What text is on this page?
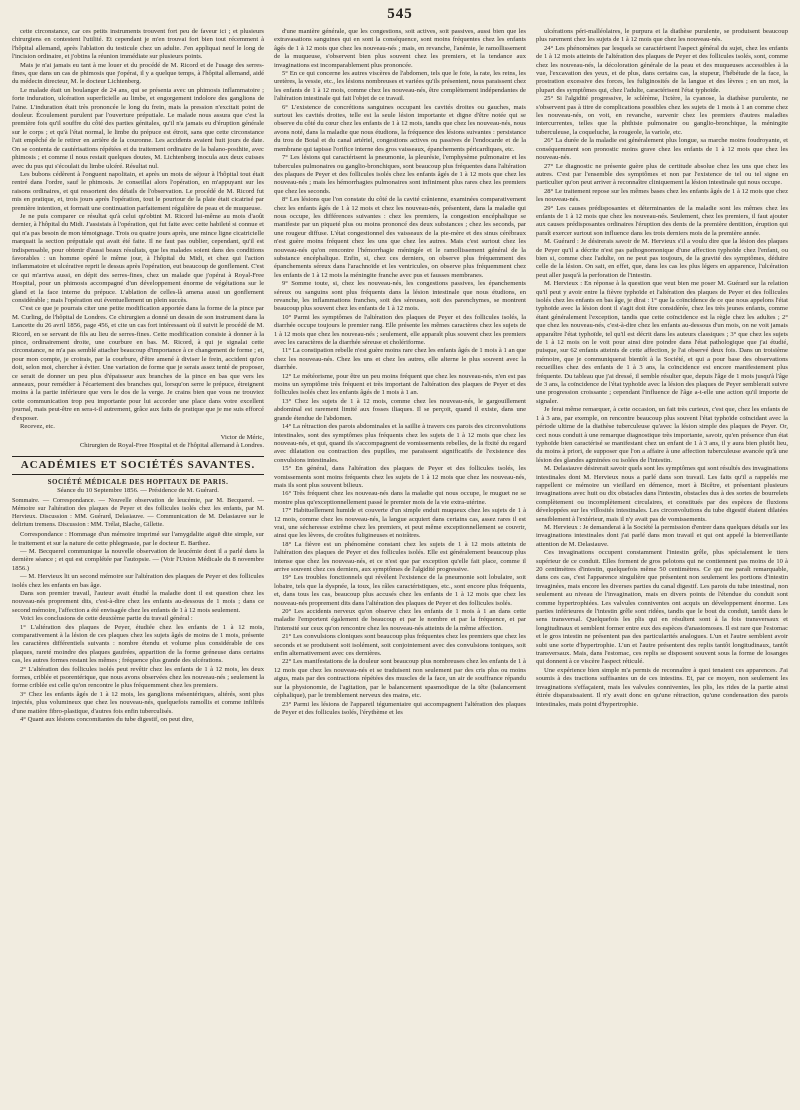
545

cette circonstance, car ces petits instruments trouvent fort peu de faveur ici ; et plusieurs chirurgiens en contestent l'utilité. Et cependant je m'en trouvai fort bien tout récemment à l'hôpital allemand, après l'ablation du testicule chez un adulte. J'en appliquai neuf le long de l'incision ordinaire, et j'obtins la réunion immédiate sur plusieurs points.

Mais je n'ai jamais eu tant à me louer et du procédé de M. Ricord et de l'usage des serres-fines, que dans un cas de phimosis que j'opérai, il y a quelque temps, à l'hôpital allemand, aidé du médecin directeur, M. le docteur Lichtenberg.

Le malade était un boulanger de 24 ans, qui se présenta avec un phimosis inflammatoire ; forte induration, ulcération superficielle au limbe, et engorgement indolore des ganglions de l'aine. L'induration était très prononcée le long du frein, mais la pression n'excitait point de douleur. Écoulement purulent par l'ouverture préputiale. Le malade nous assura que c'est la première fois qu'il souffre du côté des parties génitales, qu'il n'a jamais eu d'éruption générale sur le corps ; et qu'à l'état normal, le limbe du prépuce est étroit, sans que cette circonstance l'ait empêché de le retirer en arrière de la couronne. Les accidents avaient huit jours de date. On se contenta de cautérisations répétées et du traitement ordinaire de la balano-posthite, avec phimosis ; et comme il nous restait quelques doutes, M. Lichtenberg inocula aux deux cuisses avec du pus qui s'écoulait du limbe ulcéré. Résultat nul.

Les bubons cédèrent à l'onguent napolitain, et après un mois de séjour à l'hôpital tout était rentré dans l'ordre, sauf le phimosis. Je conseillai alors l'opération, en m'appuyant sur les raisons ordinaires, et qui ressortent des détails de l'observation. Le procédé de M. Ricord fut mis en pratique, et, trois jours après l'opération, tout le pourtour de la plaie était cicatrisé par première intention, et formait une continuation parfaitement régulière de peau et de muqueuse.

Je ne puis comparer ce résultat qu'à celui qu'obtint M. Ricord lui-même au mois d'août dernier, à l'hôpital du Midi. J'assistais à l'opération, qui fut faite avec cette habileté si connue et qui n'a pas besoin de mon témoignage. Trois ou quatre jours après, une mince ligne cicatricielle marquait la section préputiale qui avait été faite. Il ne faut pas oublier, cependant, qu'il est indispensable, pour obtenir d'aussi beaux résultats, que les malades soient dans des conditions favorables : un homme opéré le même jour, à l'hôpital du Midi, et chez qui l'action inflammatoire et ulcérative reprit le dessus après l'opération, eut beaucoup de gonflement. C'est ce qui m'arriva aussi, en dépit des serres-fines, chez un malade que j'opérai à Royal-Free Hospital, pour un phimosis accompagné d'un développement énorme de végétations sur le gland et la face interne du prépuce. L'ablation de celles-là amena aussi un gonflement considérable ; mais l'opération eut éventuellement un plein succès.

C'est ce que je pourrais citer une petite modification apportée dans la forme de la pince par M. Curling, de l'hôpital de Londres. Ce chirurgien a donné un dessin de son instrument dans la Lancette du 26 avril 1856, page 456, et cite un cas fort intéressant où il suivit le procédé de M. Ricord, en se servant de fils au lieu de serres-fines. Cette modification consiste à donner à la pince, ordinairement droite, une courbure en bas. M. Ricord, à qui je signalai cette circonstance, ne m'a pas semblé attacher beaucoup d'importance à ce changement de forme ; et, pour mon compte, je croirais, par la courbure, d'être amené à diviser le frein, accident qu'on doit, selon moi, chercher à éviter. Une variation de forme que je serais assez tenté de proposer, ce serait de donner un peu plus d'épaisseur aux branches de la pince en bas que vers les anneaux, pour remédier à l'écartement des branches qui, lorsqu'on serre le prépuce, étreignent moins à la partie inférieure que vers le dos de la verge. Je crains bien que vous ne trouviez cette communication trop peu importante pour lui accorder une place dans votre excellent journal, mais peut-être en sera-t-il autrement, grâce aux faits de pratique que je me suis efforcé d'exposer.

Recevez, etc.

Victor de Méric,
Chirurgien de Royal-Free Hospital et de l'hôpital allemand à Londres.
ACADÉMIES ET SOCIÉTÉS SAVANTES.
SOCIÉTÉ MÉDICALE DES HOPITAUX DE PARIS.
Séance du 10 Septembre 1856. — Présidence de M. Guérard.
Sommaire. — Correspondance. — Nouvelle observation de leucémie, par M. Becquerel. — Mémoire sur l'altération des plaques de Peyer et des follicules isolés chez les enfants, par M. Hervieux. Discussion : MM. Guérard, Delasiauve. — Communication de M. Delasiauve sur le delirium tremens. Discussion : MM. Trélat, Blache, Gillette.

Correspondance : Hommage d'un mémoire imprimé sur l'amygdalite aiguë dite simple, sur le traitement et sur la nature de cette phlegmasie, par le docteur E. Barthez.

— M. Becquerel communique la nouvelle observation de leucémie dont il a parlé dans la dernière séance ; et qui est complétée par l'autopsie. — (Voir l'Union Médicale du 8 novembre 1856.)

— M. Hervieux lit un second mémoire sur l'altération des plaques de Peyer et des follicules isolés chez les enfants en bas âge.

Dans son premier travail, l'auteur avait étudié la maladie dont il est question chez les nouveau-nés proprement dits, c'est-à-dire chez les enfants au-dessous de 1 mois ; dans ce second mémoire, l'affection a été envisagée chez les enfants de 1 à 12 mois seulement.

Voici les conclusions de cette deuxième partie du travail général :

1° L'altération des plaques de Peyer, étudiée chez les enfants de 1 à 12 mois, comparativement à la lésion de ces plaques chez les sujets âgés de moins de 1 mois, présente les caractères différentiels suivants : nombre étendu et volume plus considérable de ces plaques, rareté moindre des plaques gaufrées, apparition de la forme gréneuse dans certains cas, les autres formes restant les mêmes ; fréquence plus grande des ulcérations.

2° L'altération des follicules isolés peut revêtir chez les enfants de 1 à 12 mois, les deux formes, criblée et psorentérique, que nous avons observées chez les nouveau-nés ; seulement la forme criblée est celle qu'on rencontre le plus fréquemment chez les premiers.

3° Chez les enfants âgés de 1 à 12 mois, les ganglions mésentériques, altérés, sont plus injectés, plus volumineux que chez les nouveau-nés, quelquefois ramollis et comme infiltrés d'une matière fibro-plastique, d'autres fois enfin tuberculisés.

4° Quant aux lésions concomitantes du tube digestif, on peut dire,

d'une manière générale, que les congestions, soit actives, soit passives, aussi bien que les extravasations sanguines qui en sont la conséquence, sont moins fréquentes chez les enfants âgés de 1 à 12 mois que chez les nouveau-nés ; mais, en revanche, l'anémie, le ramollissement de la muqueuse, s'observent bien plus souvent chez les premiers, et la tendance aux invaginations est incomparablement plus prononcée.

5° En ce qui concerne les autres viscères de l'abdomen, tels que le foie, la rate, les reins, les uretères, la vessie, etc., les lésions nombreuses et variées qu'ils présentent, nous paraissent chez les enfants de 1 à 12 mois, comme chez les nouveau-nés, être complètement indépendantes de l'altération intestinale qui fait l'objet de ce travail.

6° L'existence de concrétions sanguines occupant les cavités droites ou gauches, mais surtout les cavités droites, telle est la seule lésion importante et digne d'être notée qui se observe du côté du cœur chez les enfants de 1 à 12 mois, tandis que chez les nouveau-nés, nous avons noté, dans la maladie que nous étudions, la fréquence des lésions suivantes : persistance du trou de Botal et du canal artériel, congestions actives ou passives de l'endocarde et de la membrane qui tapisse l'orifice interne des gros vaisseaux, épanchements péricardiques, etc.

7° Les lésions qui caractérisent la pneumonie, la pleurésie, l'emphysème pulmonaire et les tubercules pulmonaires ou ganglio-bronchiques, sont beaucoup plus fréquentes dans l'altération des plaques de Peyer et des follicules isolés chez les enfants âgés de 1 à 12 mois que chez les nouveau-nés ; mais les hémorrhagies pulmonaires sont infiniment plus rares chez les premiers que chez les seconds.

8° Les lésions que l'on constate du côté de la cavité crânienne, examinées comparativement chez les enfants âgés de 1 à 12 mois et chez les nouveau-nés, présentent, dans la maladie qui nous occupe, les différences suivantes : chez les premiers, la congestion encéphalique se manifeste par un piqueté plus ou moins prononcé des deux substances ; chez les seconds, par une rougeur diffuse. L'état congestionnel des vaisseaux de la pie-mère et des sinus cérébraux n'est guère moins fréquent chez les uns que chez les autres. Mais c'est surtout chez les nouveau-nés qu'on rencontre l'hémorrhagie méningée et le ramollissement général de la substance encéphalique. Enfin, si, chez ces derniers, on observe plus fréquemment des épanchements séreux dans l'arachnoïde et les ventricules, on observe plus fréquemment chez les enfants de 1 à 12 mois la méningite franche avec pus et fausses membranes.

9° Somme toute, si, chez les nouveau-nés, les congestions passives, les épanchements séreux ou sanguins sont plus fréquents dans la lésion intestinale que nous étudions, en revanche, les inflammations franches, soit des séreuses, soit des parenchymes, se montrent beaucoup plus souvent chez les enfants de 1 à 12 mois.

10° Parmi les symptômes de l'altération des plaques de Peyer et des follicules isolés, la diarrhée occupe toujours le premier rang. Elle présente les mêmes caractères chez les sujets de 1 à 12 mois que chez les nouveau-nés ; seulement, elle apparaît plus souvent chez les premiers avec les caractères de la diarrhée séreuse et cholériforme.

11° La constipation rebelle n'est guère moins rare chez les enfants âgés de 1 mois à 1 an que chez les nouveau-nés. Chez les uns et chez les autres, elle alterne le plus souvent avec la diarrhée.

12° Le météorisme, pour être un peu moins fréquent que chez les nouveau-nés, n'en est pas moins un symptôme très fréquent et très important de l'altération des plaques de Peyer et des follicules isolés chez les enfants âgés de 1 mois à 1 an.

13° Chez les sujets de 1 à 12 mois, comme chez les nouveau-nés, le gargouillement abdominal est rarement limité aux fosses iliaques. Il se perçoit, quand il existe, dans une grande étendue de l'abdomen.

14° La rétraction des parois abdominales et la saillie à travers ces parois des circonvolutions intestinales, sont des symptômes plus fréquents chez les sujets de 1 à 12 mois que chez les nouveau-nés, et qui, quand ils s'accompagnent de vomissements rebelles, de la fixité du regard avec dilatation ou contraction des pupilles, me paraissent significatifs de l'existence des convulsions intestinales.

15° En général, dans l'altération des plaques de Peyer et des follicules isolés, les vomissements sont moins fréquents chez les sujets de 1 à 12 mois que chez les nouveau-nés, mais ils sont plus souvent bilieux.

16° Très fréquent chez les nouveau-nés dans la maladie qui nous occupe, le muguet ne se montre plus qu'exceptionnellement passé le premier mois de la vie extra-utérine.

17° Habituellement humide et couverte d'un simple enduit muqueux chez les sujets de 1 à 12 mois, comme chez les nouveau-nés, la langue acquiert dans certains cas, assez rares il est vrai, une sécheresse extrême chez les premiers, et peut même exceptionnellement se couvrir, ainsi que les lèvres, de croûtes fuligineuses et noirâtres.

18° La fièvre est un phénomène constant chez les sujets de 1 à 12 mois atteints de l'altération des plaques de Peyer et des follicules isolés. Elle est généralement beaucoup plus intense que chez les nouveau-nés, et ce n'est que par exception qu'elle fait place, comme il arrive souvent chez ces derniers, aux symptômes de l'algidité progressive.

19° Les troubles fonctionnels qui révèlent l'existence de la pneumonie soit lobulaire, soit lobaire, tels que la dyspnée, la toux, les râles caractéristiques, etc., sont encore plus fréquents, et, dans tous les cas, beaucoup plus accusés chez les enfants de 1 à 12 mois que chez les nouveau-nés proprement dits dans l'altération des plaques de Peyer et des follicules isolés.

20° Les accidents nerveux qu'on observe chez les enfants de 1 mois à 1 an dans cette maladie l'emportent également de beaucoup et par le nombre et par la fréquence, et par l'intensité sur ceux qu'on rencontre chez les nouveau-nés atteints de la même affection.

21° Les convulsions cloniques sont beaucoup plus fréquentes chez les premiers que chez les seconds et se produisent soit isolément, soit conjointement avec des convulsions toniques, soit enfin alternativement avec ces dernières.

22° Les manifestations de la douleur sont beaucoup plus nombreuses chez les enfants de 1 à 12 mois que chez les nouveau-nés et se traduisent non seulement par des cris plus ou moins aigus, mais par des contractions répétées des muscles de la face, un air de souffrance répandu sur la physionomie, de l'agitation, par le balancement spasmodique de la tête (balancement céphalique), par le tremblement nerveux des mains, etc.

23° Parmi les lésions de l'appareil tégumentaire qui accompagnent l'altération des plaques de Peyer et des follicules isolés, l'érythème et les

ulcérations péri-malléolaires, le purpura et la diathèse purulente, se produisent beaucoup plus rarement chez les sujets de 1 à 12 mois que chez les nouveau-nés.

24° Les phénomènes par lesquels se caractérisent l'aspect général du sujet, chez les enfants de 1 à 12 mois atteints de l'altération des plaques de Peyer et des follicules isolés, sont, comme chez les nouveau-nés, la décoloration générale de la peau et des muqueuses accessibles à la vue, l'excavation des yeux, et de plus, dans certains cas, la stupeur, l'hébétude de la face, la prostration excessive des forces, les fuliginosités de la langue et des lèvres ; en un mot, la plupart des symptômes qui, chez l'adulte, caractérisent l'état typhoïde.

25° Si l'algidité progressive, le sclérème, l'ictère, la cyanose, la diathèse purulente, ne s'observent pas à titre de complications possibles chez les sujets de 1 mois à 1 an comme chez les nouveau-nés, on voit, en revanche, survenir chez les premiers d'autres maladies intercurrentes, telles que la phthisie pulmonaire ou ganglio-bronchique, la méningite tuberculeuse, la coqueluche, la rougeole, la variole, etc.

26° La durée de la maladie est généralement plus longue, sa marche moins foudroyante, et conséquemment son pronostic moins grave chez les enfants de 1 à 12 mois que chez les nouveau-nés.

27° Le diagnostic ne présente guère plus de certitude absolue chez les uns que chez les autres. C'est par l'ensemble des symptômes et non par l'existence de tel ou tel signe en particulier qu'on peut arriver à reconnaître cliniquement la lésion intestinale qui nous occupe.

28° Le traitement repose sur les mêmes bases chez les enfants âgés de 1 à 12 mois que chez les nouveau-nés.

29° Les causes prédisposantes et déterminantes de la maladie sont les mêmes chez les enfants de 1 à 12 mois que chez les nouveau-nés. Seulement, chez les premiers, il faut ajouter aux causes prédisposantes ordinaires l'éruption des dents de la première dentition, éruption qui paraît exercer surtout son influence dans les trois derniers mois de la première année.

M. Guérard : Je désirerais savoir de M. Hervieux s'il a voulu dire que la lésion des plaques de Peyer qu'il a décrite n'est pas pathognomonique d'une affection typhoïde chez l'enfant, ou bien si, comme chez l'adulte, on ne peut pas toujours, de la gravité des symptômes, déduire celle de la lésion. On sait, en effet, que, dans les cas les plus légers en apparence, l'ulcération peut aller jusqu'à la perforation de l'intestin.

M. Hervieux : En réponse à la question que veut bien me poser M. Guérard sur la relation qu'il peut y avoir entre la fièvre typhoïde et l'altération des plaques de Peyer et des follicules isolés chez les enfants en bas âge, je dirai : 1° que la coïncidence de ce que nous appelons l'état typhoïde avec la lésion dont il s'agit doit être considérée, chez les très jeunes enfants, comme étant généralement l'exception, tandis que cette coïncidence est la règle chez les adultes ; 2° que chez les nouveau-nés, c'est-à-dire chez les enfants au-dessous d'un mois, on ne voit jamais apparaître l'état typhoïde, tel qu'il est décrit dans les auteurs classiques ; 3° que chez les sujets de 1 à 12 mois on le voit pour ainsi dire poindre dans l'état pathologique que j'ai étudié, puisque, sur 62 enfants atteints de cette affection, je l'ai observé deux fois. Dans un troisième mémoire, que je communiquerai bientôt à la Société, et qui a pour base des observations recueillies chez des enfants de 1 à 3 ans, la coïncidence est encore manifestement plus fréquente. Du tableau que j'ai dressé, il semble résulter que, depuis l'âge de 1 mois jusqu'à l'âge de 3 ans, la coïncidence de l'état typhoïde avec la lésion des plaques de Peyer semblerait suivre une progression croissante ; cependant l'influence de l'âge a-t-elle une action qu'il importe de signaler.

Je ferai même remarquer, à cette occasion, un fait très curieux, c'est que, chez les enfants de 1 à 3 ans, par exemple, on rencontre beaucoup plus souvent l'état typhoïde coïncidant avec la période ultime de la diathèse tuberculeuse qu'avec la lésion simple des plaques de Peyer. Or, ceci nous conduit à une remarque diagnostique très importante, savoir, qu'en présence d'un état typhoïde bien caractérisé se manifestant chez un enfant de 1 à 3 ans, il y aura bien plutôt lieu, du moins à priori, de supposer que l'on a affaire à une affection tuberculeuse avancée qu'à une lésion des glandes agminées ou isolées de l'intestin.

M. Delasiauve désirerait savoir quels sont les symptômes qui sont résultés des invaginations intestinales dont M. Hervieux nous a parlé dans son travail. Les faits qu'il a rappelés me rappellent ce mémoire un vieillard en démence, mort à Bicêtre, et présentant plusieurs invaginations avec huit ou dix obstacles dans l'intestin, obstacles dus à des sortes de bourrelets complètement ou incomplètement circulaires, et constitués par des espèces de fluxions développées sur les villosités intestinales. Les circonvolutions du tube digestif étaient dilatées sensiblement à l'extérieur, mais il n'y avait pas de vomissements.

M. Hervieux : Je demanderai à la Société la permission d'entrer dans quelques détails sur les invaginations intestinales dont j'ai parlé dans mon travail et qui ont appelé la bienveillante attention de M. Delasiauve.

Ces invaginations occupent constamment l'intestin grêle, plus spécialement le tiers supérieur de ce conduit. Elles forment de gros pelotons qui ne contiennent pas moins de 10 à 20 centimètres d'intestin, quelquefois même 50 centimètres. Ce qui me paraît remarquable, dans ces cas, c'est l'apparence singulière que présentent non seulement les portions d'intestin invaginées, mais encore les diverses parties du canal digestif. Les parois du tube intestinal, non seulement au niveau de l'invagination, mais en divers points de l'étendue du conduit sont comme hypertrophiées. Les valvules conniventes ont acquis un développement énorme. Les parties inférieures de l'intestin grêle sont ridées, tandis que le bout du conduit, tantôt dans le sens transversal. Quelquefois les plis qui en résultent sont à la fois transversaux et longitudinaux et semblent former entre eux des espèces d'anastomoses. Il est rare que l'estomac et le gros intestin ne présentent pas des particularités analogues. L'un et l'autre semblent avoir subi une sorte d'hypertrophie. L'un et l'autre présentent des replis tantôt longitudinaux, tantôt transversaux. Mais, dans l'estomac, ces replis se disposent souvent sous la forme de losanges qui donnent à ce viscère l'aspect réticulé.

Une expérience bien simple m'a permis de reconnaître à quoi tenaient ces apparences. J'ai soumis à des tractions suffisantes un de ces intestins. Et, par ce moyen, non seulement les invaginations s'effaçaient, mais les valvules conniventes, les plis, les rides de la partie ainsi étirée disparaissaient. Il n'y avait donc en qu'une rétraction, qu'une condensation des parois intestinales, mais point d'hypertrophie.
